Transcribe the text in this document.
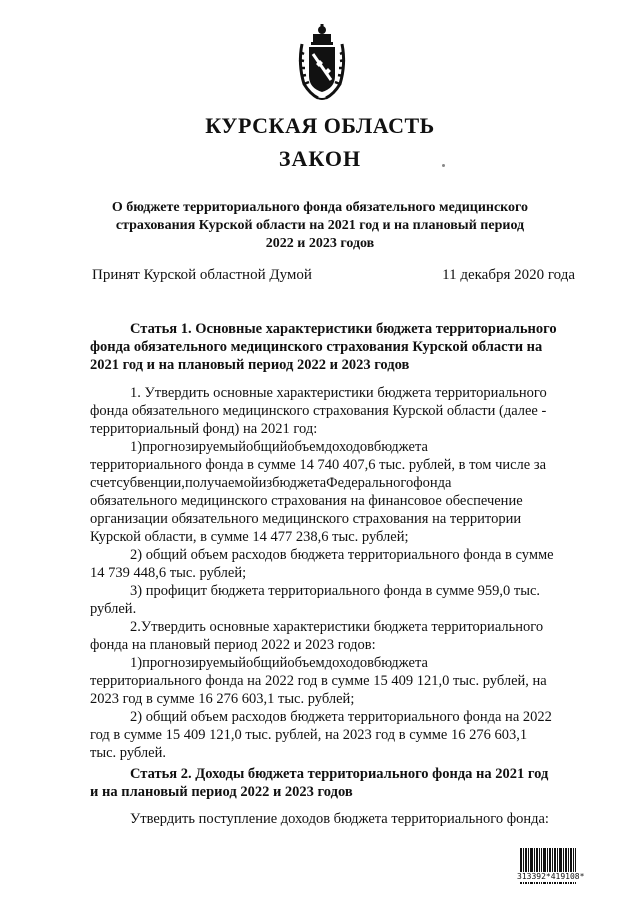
КУРСКАЯ ОБЛАСТЬ
ЗАКОН
О бюджете территориального фонда обязательного медицинского
страхования Курской области на 2021 год и на плановый период
2022 и 2023 годов
Принят Курской областной Думой	11 декабря 2020 года
Статья 1. Основные характеристики бюджета территориального
фонда обязательного медицинского страхования Курской области на
2021 год и на плановый период 2022 и 2023 годов
1. Утвердить основные характеристики бюджета территориального
фонда обязательного медицинского страхования Курской области (далее -
территориальный фонд) на 2021 год:
1)прогнозируемыйобщийобъемдоходовбюджета
территориального фонда в сумме 14 740 407,6 тыс. рублей, в том числе за
счетсубвенции,получаемойизбюджетаФедеральногофонда
обязательного медицинского страхования на финансовое обеспечение
организации обязательного медицинского страхования на территории
Курской области, в сумме 14 477 238,6 тыс. рублей;
2) общий объем расходов бюджета территориального фонда в сумме
14 739 448,6 тыс. рублей;
3) профицит бюджета территориального фонда в сумме 959,0 тыс.
рублей.
2.Утвердить основные характеристики бюджета территориального
фонда на плановый период 2022 и 2023 годов:
1)прогнозируемыйобщийобъемдоходовбюджета
территориального фонда на 2022 год в сумме 15 409 121,0 тыс. рублей, на
2023 год в сумме 16 276 603,1 тыс. рублей;
2) общий объем расходов бюджета территориального фонда на 2022
год в сумме 15 409 121,0 тыс. рублей, на 2023 год в сумме 16 276 603,1
тыс. рублей.
Статья 2. Доходы бюджета территориального фонда на 2021 год
и на плановый период 2022 и 2023 годов
Утвердить поступление доходов бюджета территориального фонда:
313392*419108*
